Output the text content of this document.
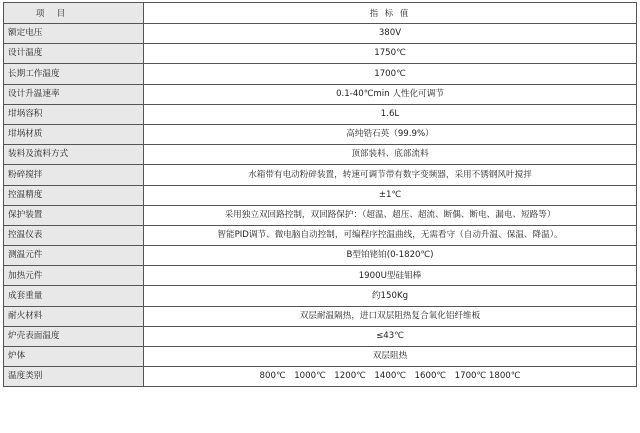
项　目	指 标 值
额定电压	380V
设计温度	1750℃
长期工作温度	1700℃
设计升温速率	0.1-40℃min 人性化可调节
坩埚容积	1.6L
坩埚材质	高纯锆石英（99.9%）
装料及流料方式	顶部装料、底部流料
粉碎搅拌	水箱带有电动粉碎装置，转速可调节带有数字变频器，采用不锈钢风叶搅拌
控温精度	±1℃
保护装置	采用独立双回路控制，双回路保护：（超温、超压、超流、断偶、断电、漏电、短路等）
控温仪表	智能PID调节、微电脑自动控制，可编程序控温曲线，无需看守（自动升温、保温、降温）。
测温元件	B型铂铑铂(0-1820℃)
加热元件	1900U型硅钼棒
成套重量	约150Kg
耐火材料	双层耐温隔热，进口双层阻热复合氧化铝纤维板
炉壳表面温度	≤43℃
炉体	双层阻热
温度类别	800℃　1000℃　1200℃　1400℃　1600℃　1700℃ 1800℃
